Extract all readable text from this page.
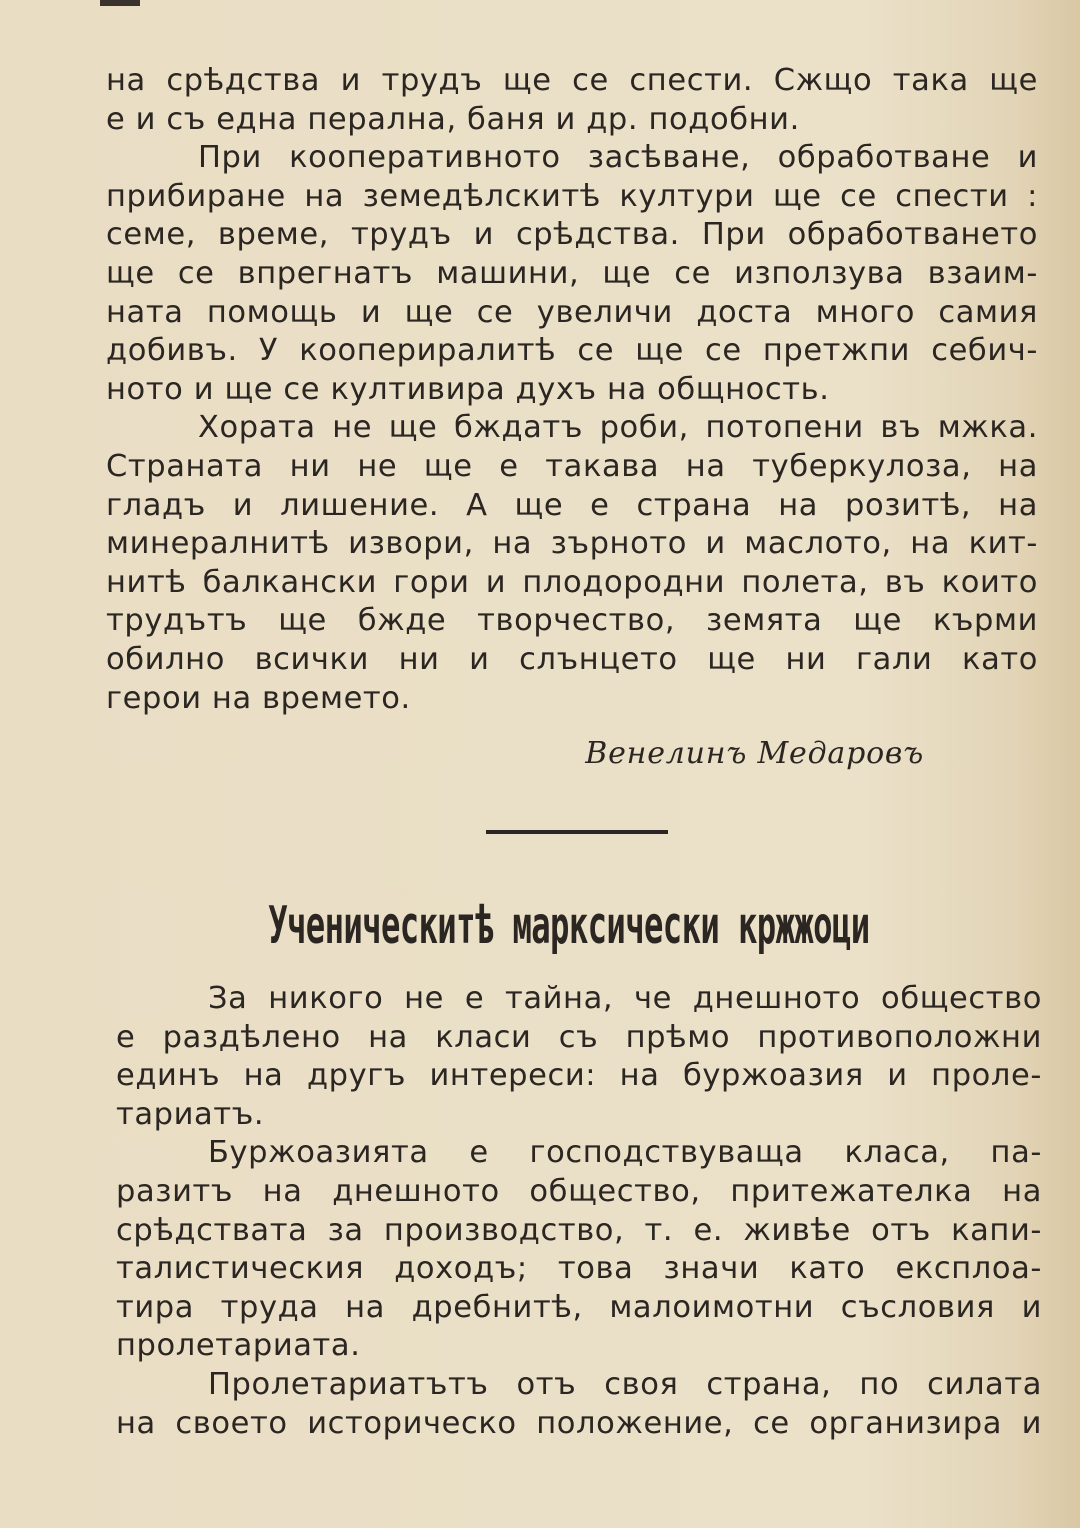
на срѣдства и трудъ ще се спести. Сжщо така ще

е и съ една перална, баня и др. подобни.

При кооперативното засѣване, обработване и

прибиране на земедѣлскитѣ култури ще се спести :

семе, време, трудъ и срѣдства. При обработването

ще се впрегнатъ машини, ще се използува взаим-

ната помощь и ще се увеличи доста много самия

добивъ. У коопериралитѣ се ще се претжпи себич-

ното и ще се култивира духъ на общность.

Хората не ще бждатъ роби, потопени въ мжка.

Страната ни не ще е такава на туберкулоза, на

гладъ и лишение. А ще е страна на розитѣ, на

минералнитѣ извори, на зърното и маслото, на кит-

нитѣ балкански гори и плодородни полета, въ които

трудътъ ще бжде творчество, земята ще кърми

обилно всички ни и слънцето ще ни гали като

герои на времето.

Венелинъ Медаровъ
Ученическитѣ марксически кржжоци

За никого не е тайна, че днешното общество

е раздѣлено на класи съ прѣмо противоположни

единъ на другъ интереси: на буржоазия и проле-

тариатъ.

Буржоазията е господствуваща класа, па-

разитъ на днешното общество, притежателка на

срѣдствата за производство, т. е. живѣе отъ капи-

талистическия доходъ; това значи като експлоа-

тира труда на дребнитѣ, малоимотни съсловия и

пролетариата.

Пролетариатътъ отъ своя страна, по силата

на своето историческо положение, се организира и
